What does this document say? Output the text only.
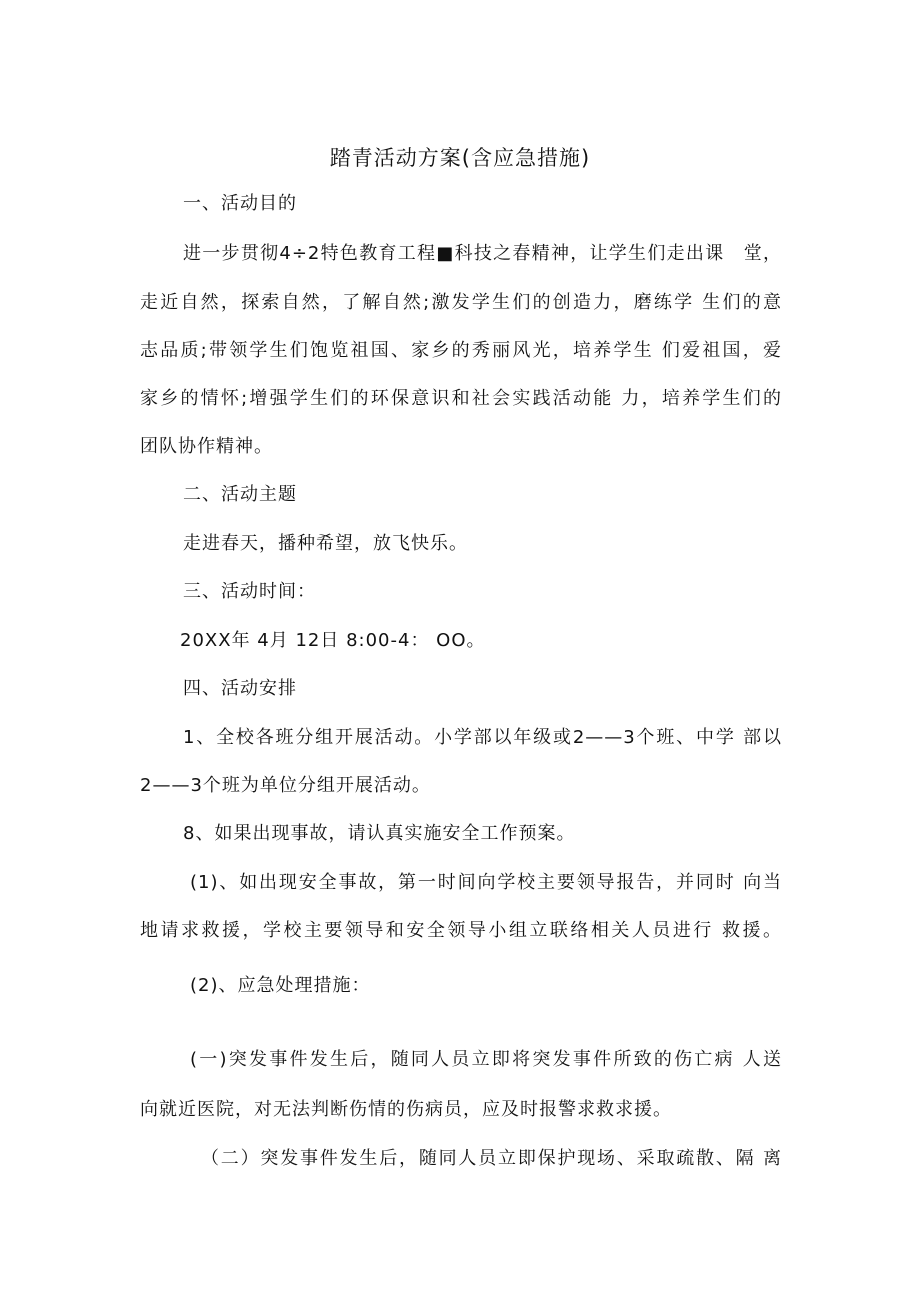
踏青活动方案(含应急措施)
一、活动目的
进一步贯彻4÷2特色教育工程■科技之春精神，让学生们走出课　堂，
走近自然，探索自然，了解自然;激发学生们的创造力，磨练学 生们的意
志品质;带领学生们饱览祖国、家乡的秀丽风光，培养学生 们爱祖国，爱
家乡的情怀;增强学生们的环保意识和社会实践活动能 力，培养学生们的
团队协作精神。
二、活动主题
走进春天，播种希望，放飞快乐。
三、活动时间：
20XX年 4月 12日 8:00-4： OO。
四、活动安排
1、全校各班分组开展活动。小学部以年级或2——3个班、中学 部以
2——3个班为单位分组开展活动。
8、如果出现事故，请认真实施安全工作预案。
(1)、如出现安全事故，第一时间向学校主要领导报告，并同时 向当
地请求救援，学校主要领导和安全领导小组立联络相关人员进行 救援。
(2)、应急处理措施：
(一)突发事件发生后，随同人员立即将突发事件所致的伤亡病 人送
向就近医院，对无法判断伤情的伤病员，应及时报警求救求援。
（二）突发事件发生后，随同人员立即保护现场、采取疏散、隔 离
